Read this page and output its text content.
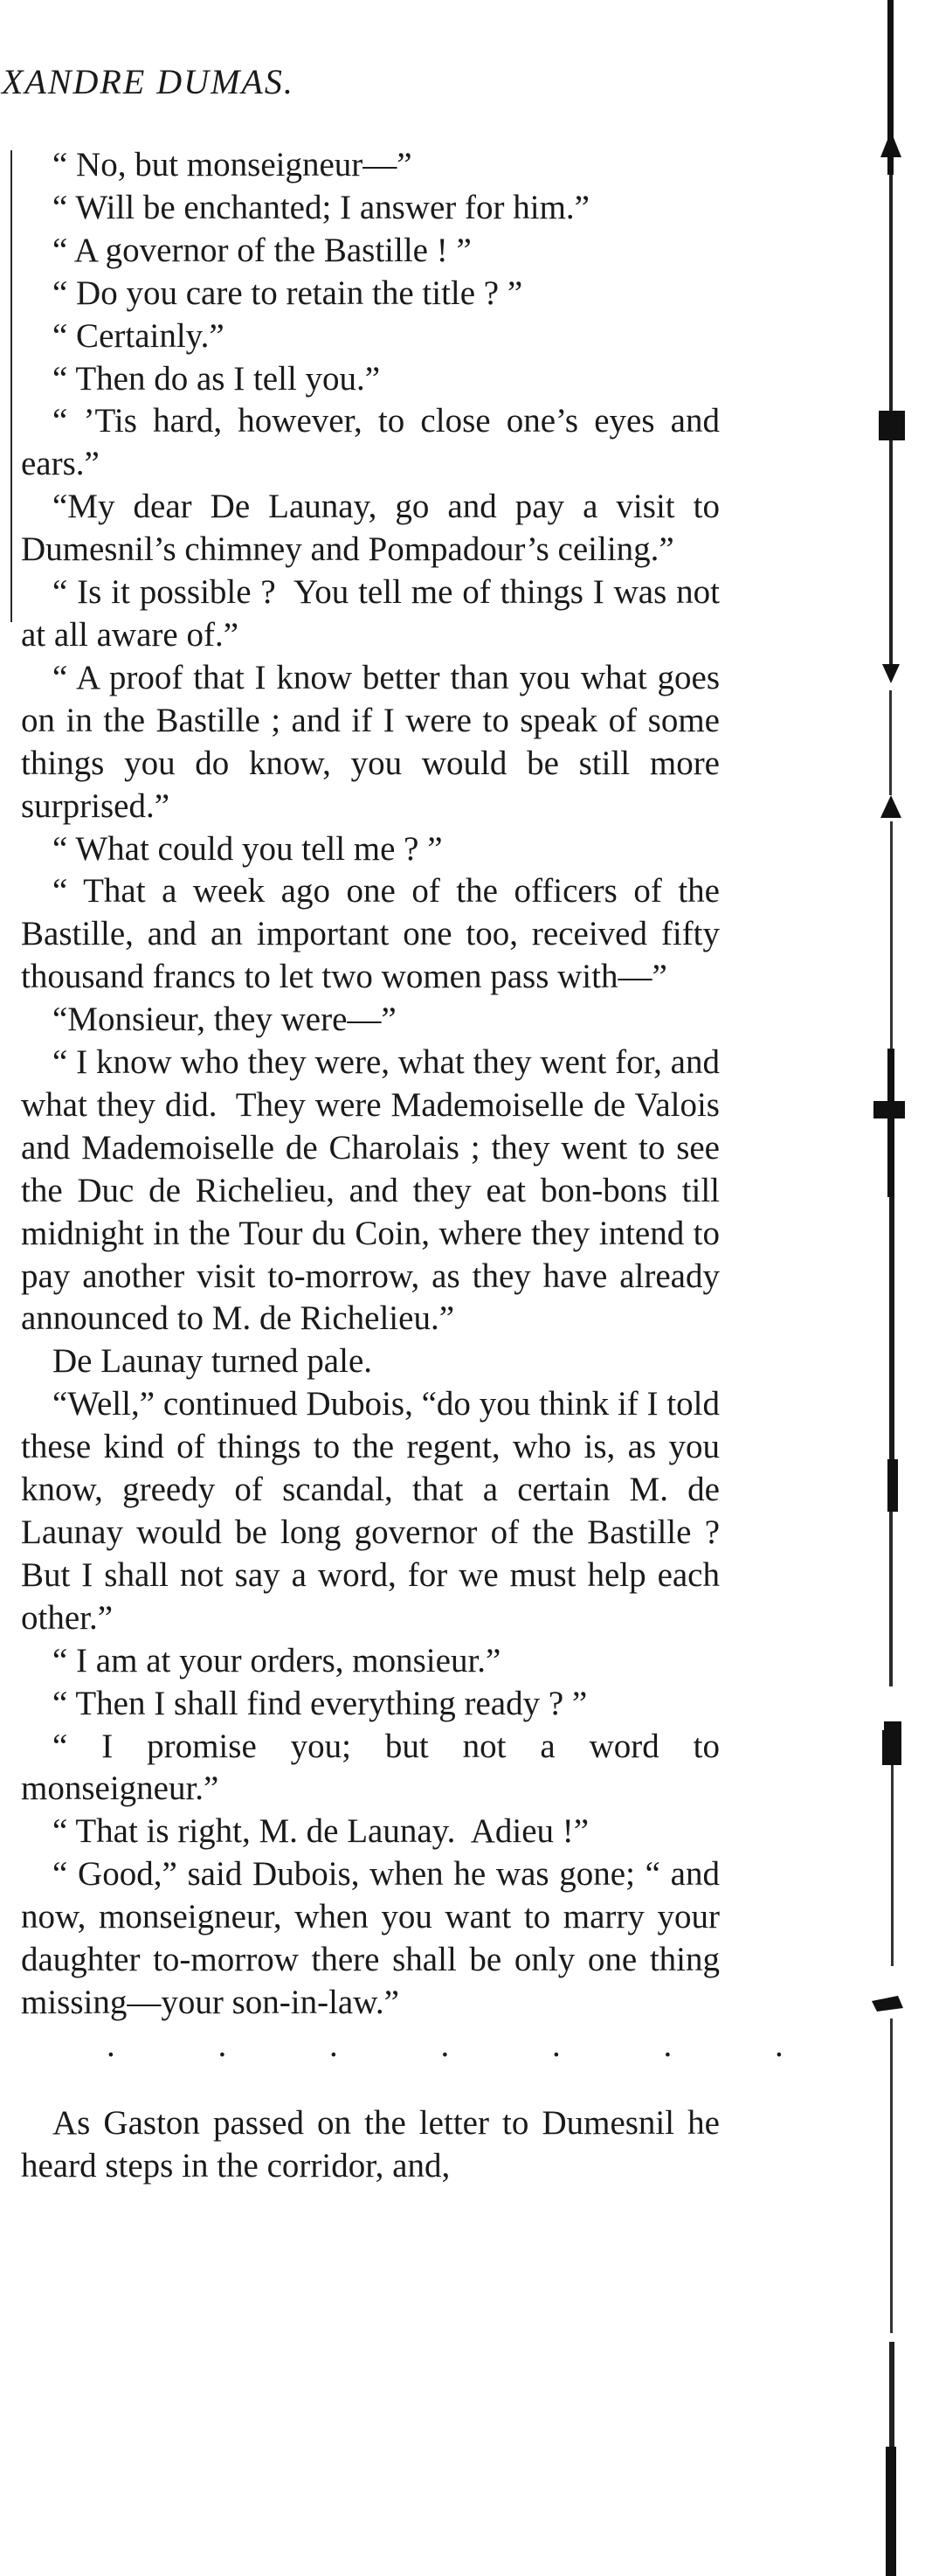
XANDRE DUMAS.

“ No, but monseigneur—”

“ Will be enchanted; I answer for him.”

“ A governor of the Bastille ! ”

“ Do you care to retain the title ? ”

“ Certainly.”

“ Then do as I tell you.”

“ ’Tis hard, however, to close one’s eyes and ears.”

“My dear De Launay, go and pay a visit to Dumesnil’s chimney and Pompadour’s ceiling.”

“ Is it possible ?  You tell me of things I was not at all aware of.”

“ A proof that I know better than you what goes on in the Bastille ; and if I were to speak of some things you do know, you would be still more surprised.”

“ What could you tell me ? ”

“ That a week ago one of the officers of the Bastille, and an important one too, received fifty thousand francs to let two women pass with—”

“Monsieur, they were—”

“ I know who they were, what they went for, and what they did.  They were Mademoiselle de Valois and Mademoiselle de Charolais ; they went to see the Duc de Richelieu, and they eat bon-bons till midnight in the Tour du Coin, where they intend to pay another visit to-morrow, as they have already announced to M. de Richelieu.”

De Launay turned pale.

“Well,” continued Dubois, “do you think if I told these kind of things to the regent, who is, as you know, greedy of scandal, that a certain M. de Launay would be long governor of the Bastille ? But I shall not say a word, for we must help each other.”

“ I am at your orders, monsieur.”

“ Then I shall find everything ready ? ”

“ I promise you; but not a word to monseigneur.”

“ That is right, M. de Launay.  Adieu !”

“ Good,” said Dubois, when he was gone; “ and now, monseigneur, when you want to marry your daughter to-morrow there shall be only one thing missing—your son-in-law.”

. . . . . . .

As Gaston passed on the letter to Dumesnil he heard steps in the corridor, and,
